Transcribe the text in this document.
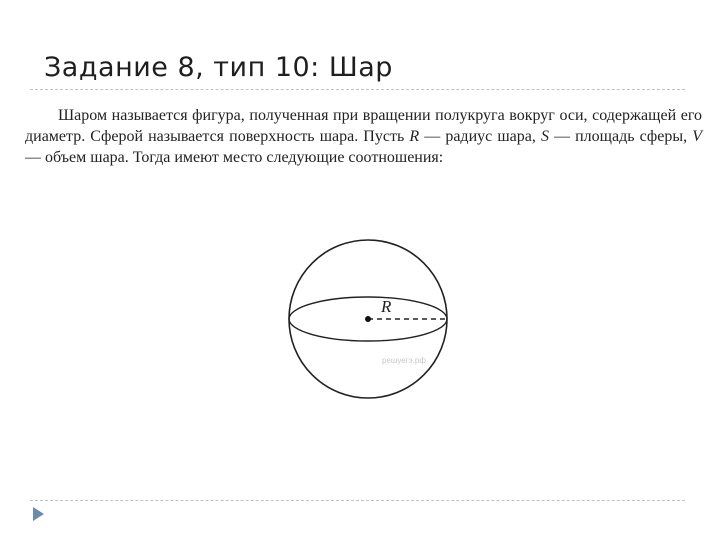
Задание 8, тип 10: Шар

Шаром называется фигура, полученная при вращении полукруга вокруг оси, содержащей его диаметр. Сферой называется поверхность шара. Пусть R — радиус шара, S — площадь сферы, V — объем шара. Тогда имеют место следующие соотношения:

R
решуегэ.рф
